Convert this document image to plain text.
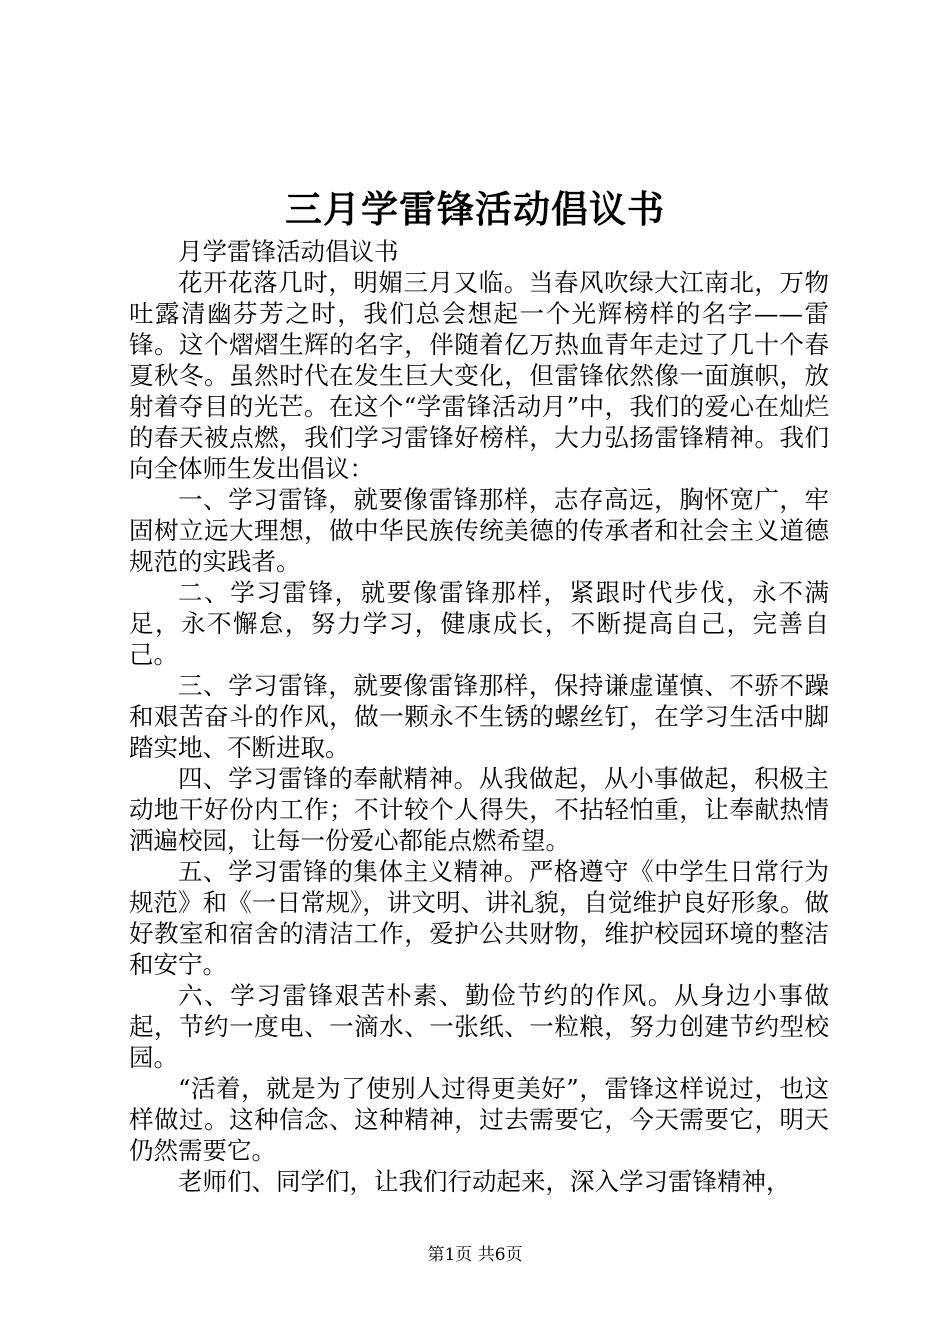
三月学雷锋活动倡议书

月学雷锋活动倡议书

花开花落几时，明媚三月又临。当春风吹绿大江南北，万物吐露清幽芬芳之时，我们总会想起一个光辉榜样的名字——雷锋。这个熠熠生辉的名字，伴随着亿万热血青年走过了几十个春夏秋冬。虽然时代在发生巨大变化，但雷锋依然像一面旗帜，放射着夺目的光芒。在这个“学雷锋活动月”中，我们的爱心在灿烂的春天被点燃，我们学习雷锋好榜样，大力弘扬雷锋精神。我们向全体师生发出倡议：

一、学习雷锋，就要像雷锋那样，志存高远，胸怀宽广，牢固树立远大理想，做中华民族传统美德的传承者和社会主义道德规范的实践者。

二、学习雷锋，就要像雷锋那样，紧跟时代步伐，永不满足，永不懈怠，努力学习，健康成长，不断提高自己，完善自己。

三、学习雷锋，就要像雷锋那样，保持谦虚谨慎、不骄不躁和艰苦奋斗的作风，做一颗永不生锈的螺丝钉，在学习生活中脚踏实地、不断进取。

四、学习雷锋的奉献精神。从我做起，从小事做起，积极主动地干好份内工作；不计较个人得失，不拈轻怕重，让奉献热情洒遍校园，让每一份爱心都能点燃希望。

五、学习雷锋的集体主义精神。严格遵守《中学生日常行为规范》和《一日常规》，讲文明、讲礼貌，自觉维护良好形象。做好教室和宿舍的清洁工作，爱护公共财物，维护校园环境的整洁和安宁。

六、学习雷锋艰苦朴素、勤俭节约的作风。从身边小事做起，节约一度电、一滴水、一张纸、一粒粮，努力创建节约型校园。

“活着，就是为了使别人过得更美好”，雷锋这样说过，也这样做过。这种信念、这种精神，过去需要它，今天需要它，明天仍然需要它。

老师们、同学们，让我们行动起来，深入学习雷锋精神，

第1页 共6页
